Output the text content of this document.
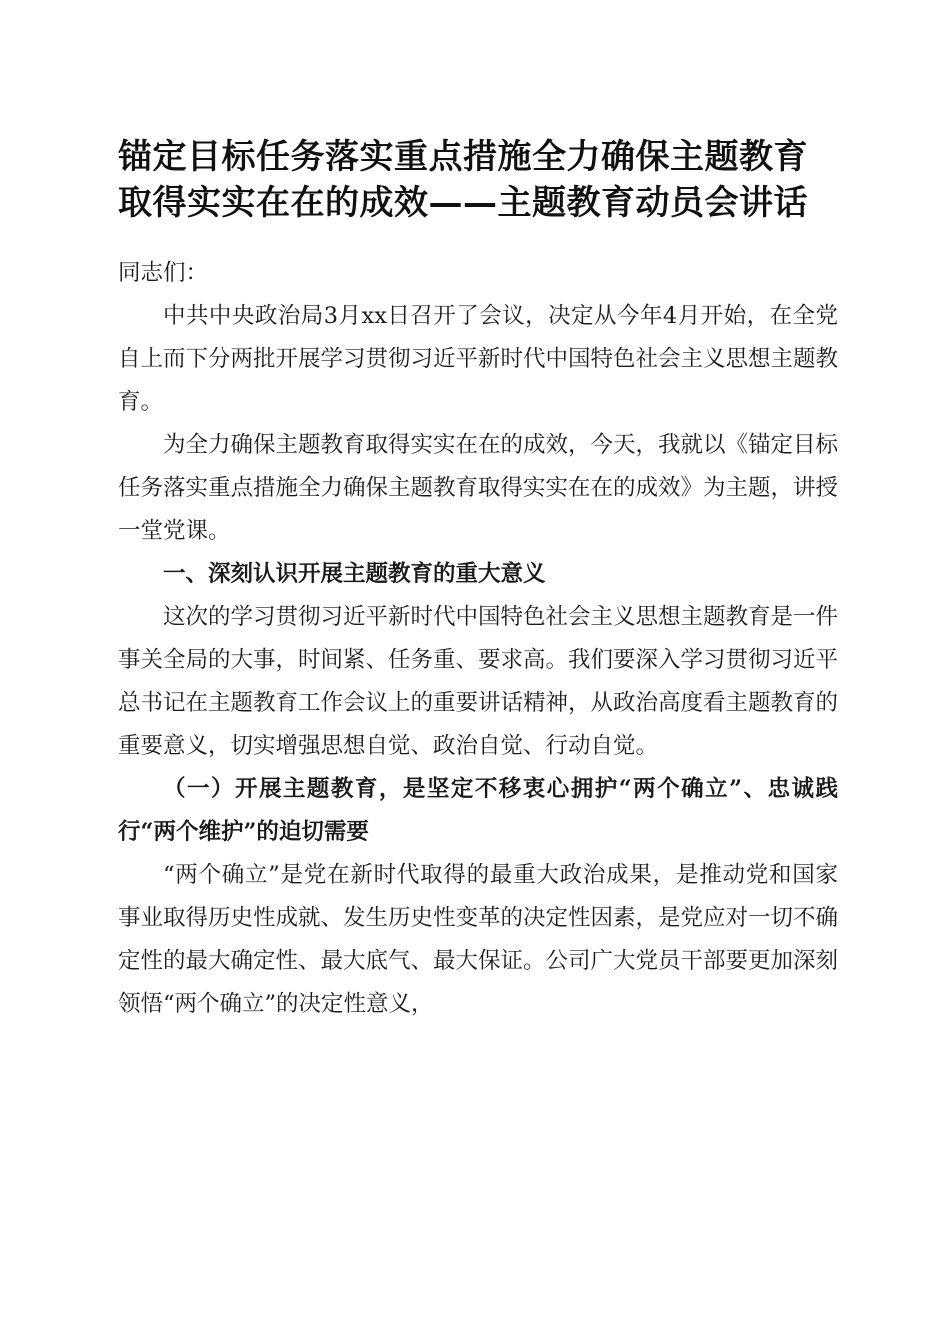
锚定目标任务落实重点措施全力确保主题教育
取得实实在在的成效——主题教育动员会讲话

同志们：

中共中央政治局3月xx日召开了会议，决定从今年4月开始，在全党自上而下分两批开展学习贯彻习近平新时代中国特色社会主义思想主题教育。

为全力确保主题教育取得实实在在的成效，今天，我就以《锚定目标任务落实重点措施全力确保主题教育取得实实在在的成效》为主题，讲授一堂党课。

一、深刻认识开展主题教育的重大意义

这次的学习贯彻习近平新时代中国特色社会主义思想主题教育是一件事关全局的大事，时间紧、任务重、要求高。我们要深入学习贯彻习近平总书记在主题教育工作会议上的重要讲话精神，从政治高度看主题教育的重要意义，切实增强思想自觉、政治自觉、行动自觉。

（一）开展主题教育，是坚定不移衷心拥护“两个确立”、忠诚践行“两个维护”的迫切需要

“两个确立”是党在新时代取得的最重大政治成果，是推动党和国家事业取得历史性成就、发生历史性变革的决定性因素，是党应对一切不确定性的最大确定性、最大底气、最大保证。公司广大党员干部要更加深刻领悟“两个确立”的决定性意义，
